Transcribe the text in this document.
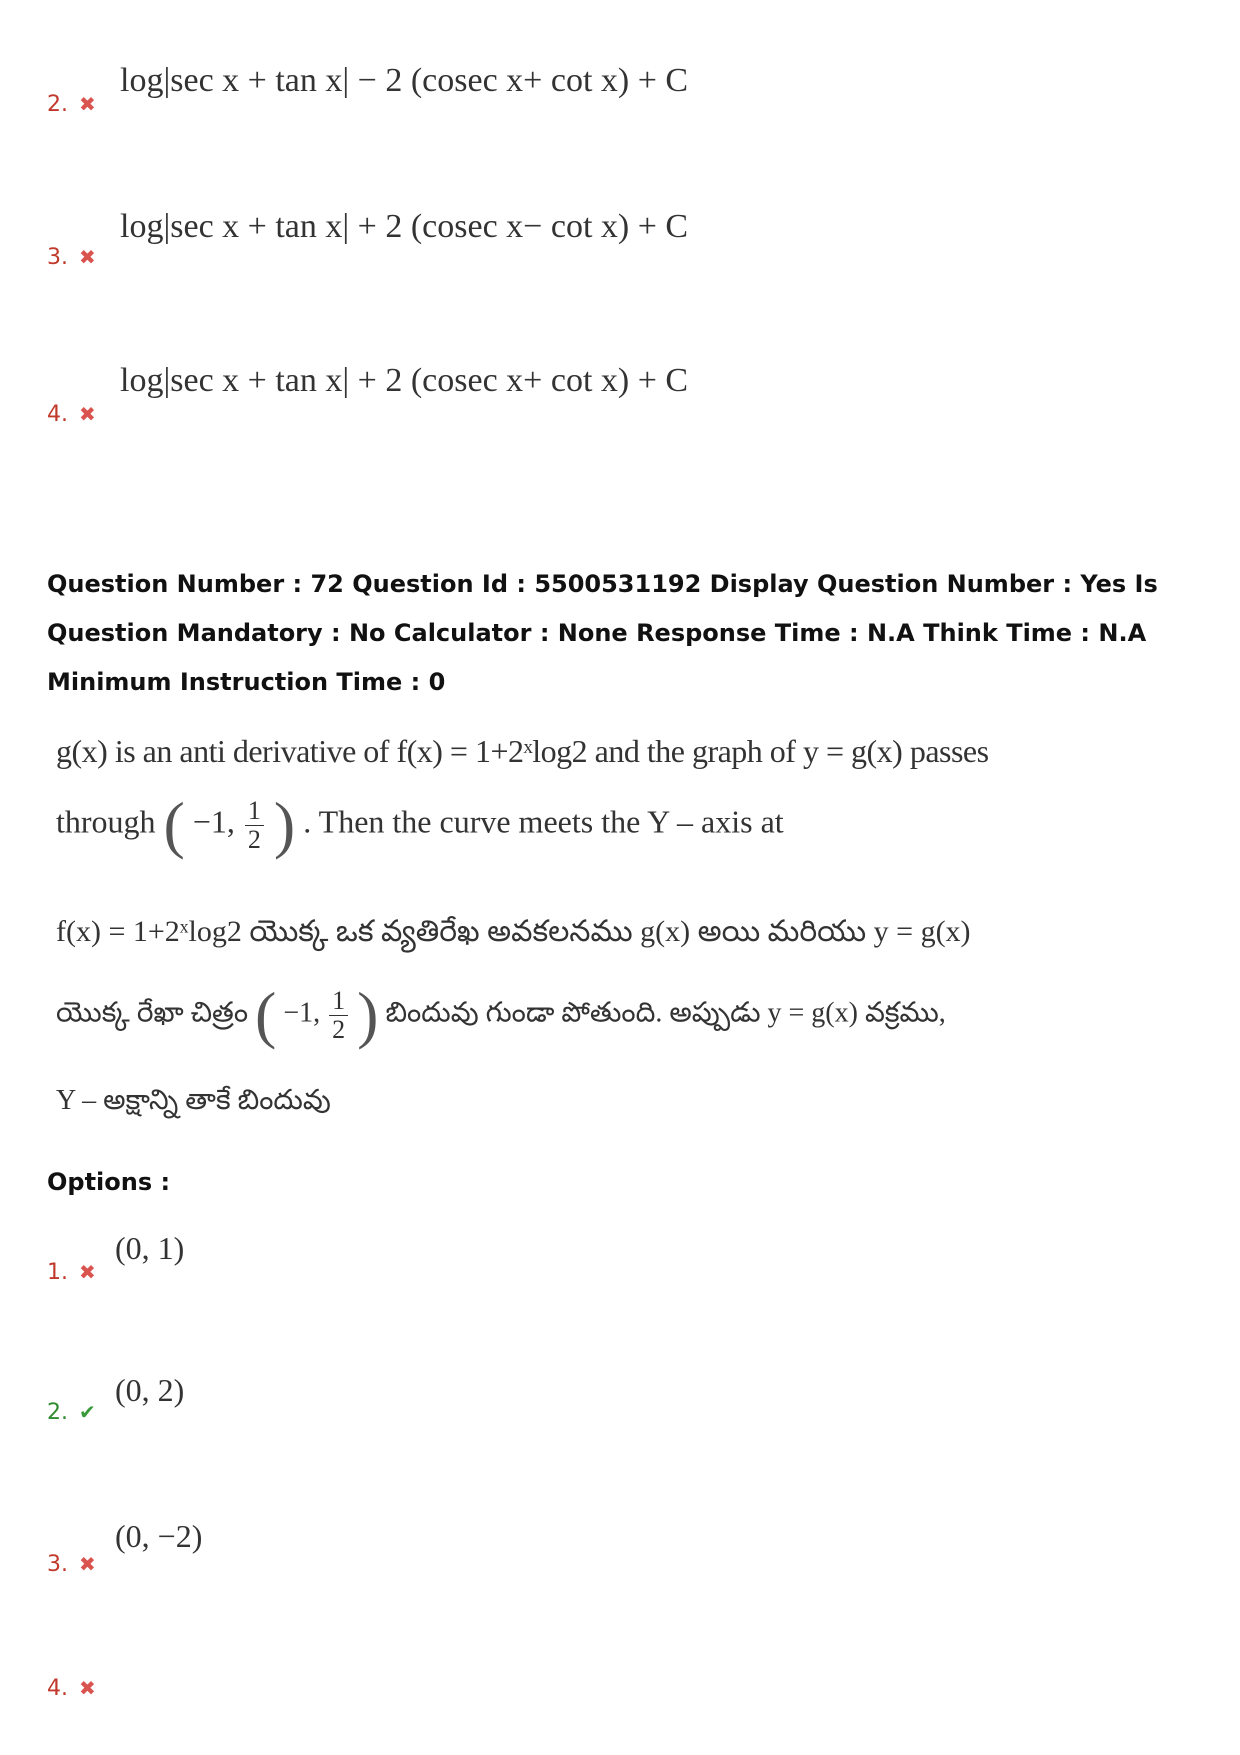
2. ✖
log|sec x + tan x| − 2 (cosec x+ cot x) + C
3. ✖
log|sec x + tan x| + 2 (cosec x− cot x) + C
4. ✖
log|sec x + tan x| + 2 (cosec x+ cot x) + C
Question Number : 72 Question Id : 5500531192 Display Question Number : Yes Is Question Mandatory : No Calculator : None Response Time : N.A Think Time : N.A Minimum Instruction Time : 0
g(x) is an anti derivative of f(x) = 1+2ˣlog2 and the graph of y = g(x) passes
through ( −1, $\frac{1}{2}$ ) . Then the curve meets the Y – axis at
f(x) = 1+2ˣlog2 యొక్క ఒక వ్యతిరేఖ అవకలనము g(x) అయి మరియు y = g(x)
యొక్క రేఖా చిత్రం ( −1, $\frac{1}{2}$ ) బిందువు గుండా పోతుంది. అప్పుడు y = g(x) వక్రము,
Y – అక్షాన్ని తాకే బిందువు
Options :
1. ✖
(0, 1)
2. ✔
(0, 2)
3. ✖
(0, −2)
4. ✖
